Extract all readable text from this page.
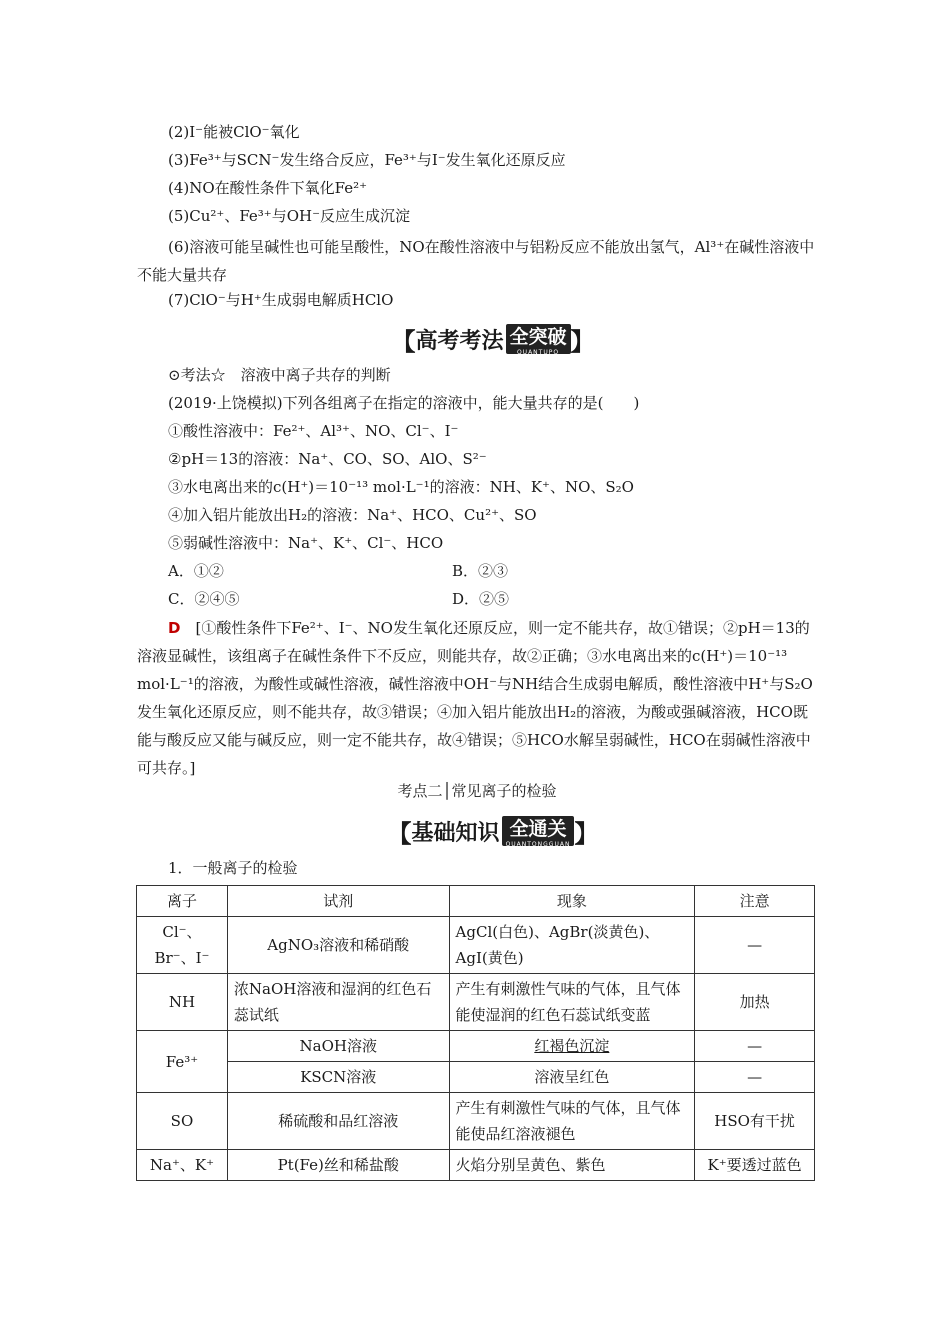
(2)I⁻能被ClO⁻氧化
(3)Fe³⁺与SCN⁻发生络合反应，Fe³⁺与I⁻发生氧化还原反应
(4)NO在酸性条件下氧化Fe²⁺
(5)Cu²⁺、Fe³⁺与OH⁻反应生成沉淀
(6)溶液可能呈碱性也可能呈酸性，NO在酸性溶液中与铝粉反应不能放出氢气，Al³⁺在碱性溶液中不能大量共存
(7)ClO⁻与H⁺生成弱电解质HClO
【 高考考法 全突破
QUANTUPO 】
⊙考法☆　溶液中离子共存的判断
(2019·上饶模拟)下列各组离子在指定的溶液中，能大量共存的是(　　)
①酸性溶液中：Fe²⁺、Al³⁺、NO、Cl⁻、I⁻
②pH＝13的溶液：Na⁺、CO、SO、AlO、S²⁻
③水电离出来的c(H⁺)＝10⁻¹³ mol·L⁻¹的溶液：NH、K⁺、NO、S₂O
④加入铝片能放出H₂的溶液：Na⁺、HCO、Cu²⁺、SO
⑤弱碱性溶液中：Na⁺、K⁺、Cl⁻、HCO
A．①②	B．②③
C．②④⑤	D．②⑤
D　 [①酸性条件下Fe²⁺、I⁻、NO发生氧化还原反应，则一定不能共存，故①错误；②pH＝13的溶液显碱性，该组离子在碱性条件下不反应，则能共存，故②正确；③水电离出来的c(H⁺)＝10⁻¹³ mol·L⁻¹的溶液，为酸性或碱性溶液，碱性溶液中OH⁻与NH结合生成弱电解质，酸性溶液中H⁺与S₂O发生氧化还原反应，则不能共存，故③错误；④加入铝片能放出H₂的溶液，为酸或强碱溶液，HCO既能与酸反应又能与碱反应，则一定不能共存，故④错误；⑤HCO水解呈弱碱性，HCO在弱碱性溶液中可共存。]
考点二│常见离子的检验
【 基础知识 全通关
QUANTONGGUAN 】
1．一般离子的检验
离子	试剂	现象	注意
Cl⁻、Br⁻、I⁻	AgNO₃溶液和稀硝酸	AgCl(白色)、AgBr(淡黄色)、AgI(黄色)	—
NH	浓NaOH溶液和湿润的红色石蕊试纸	产生有刺激性气味的气体，且气体能使湿润的红色石蕊试纸变蓝	加热
Fe³⁺	NaOH溶液	红褐色沉淀	—
	KSCN溶液	溶液呈红色	—
SO	稀硫酸和品红溶液	产生有刺激性气味的气体，且气体能使品红溶液褪色	HSO有干扰
Na⁺、K⁺	Pt(Fe)丝和稀盐酸	火焰分别呈黄色、紫色	K⁺要透过蓝色
